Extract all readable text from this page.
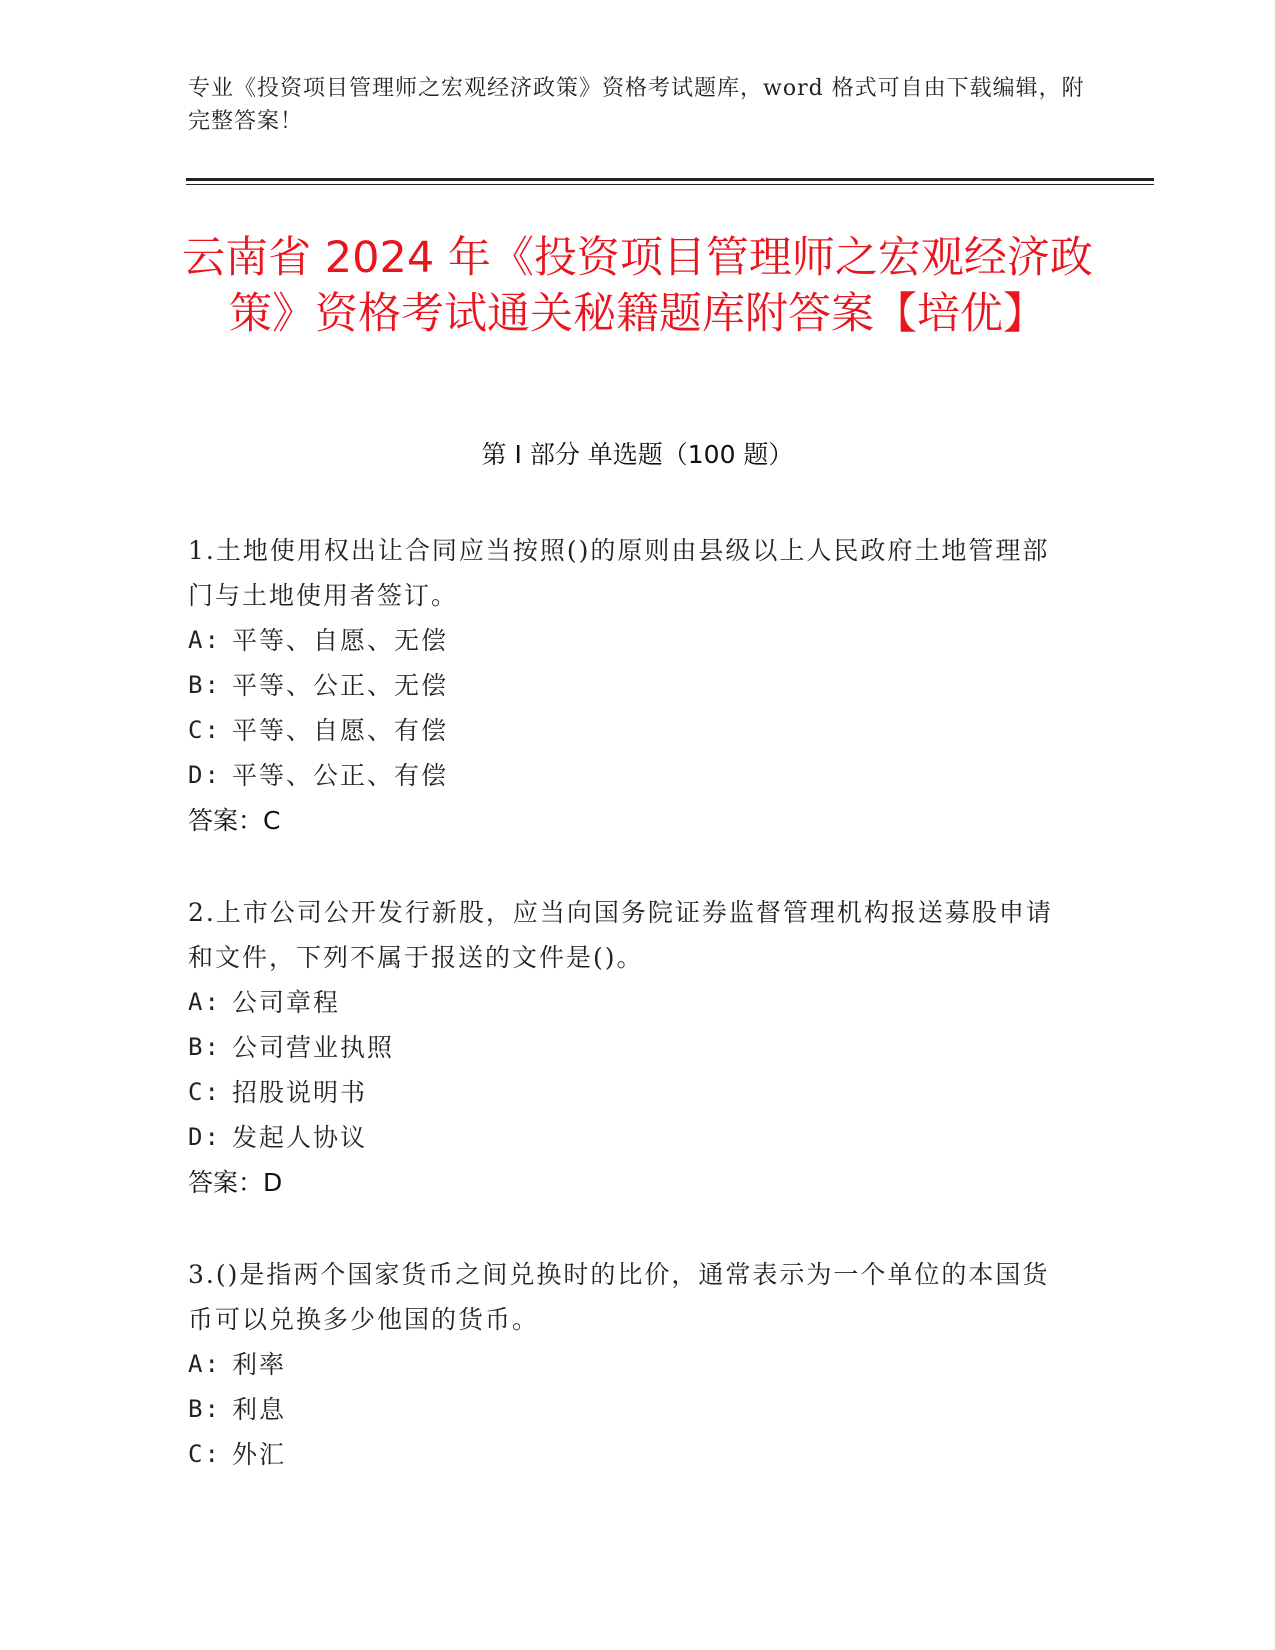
专业《投资项目管理师之宏观经济政策》资格考试题库，word 格式可自由下载编辑，附完整答案！
云南省 2024 年《投资项目管理师之宏观经济政策》资格考试通关秘籍题库附答案【培优】
第 I 部分 单选题（100 题）

1.土地使用权出让合同应当按照()的原则由县级以上人民政府土地管理部门与土地使用者签订。

A: 平等、自愿、无偿

B: 平等、公正、无偿

C: 平等、自愿、有偿

D: 平等、公正、有偿

答案：C

2.上市公司公开发行新股，应当向国务院证券监督管理机构报送募股申请和文件，下列不属于报送的文件是()。

A: 公司章程

B: 公司营业执照

C: 招股说明书

D: 发起人协议

答案：D

3.()是指两个国家货币之间兑换时的比价，通常表示为一个单位的本国货币可以兑换多少他国的货币。

A: 利率

B: 利息

C: 外汇
